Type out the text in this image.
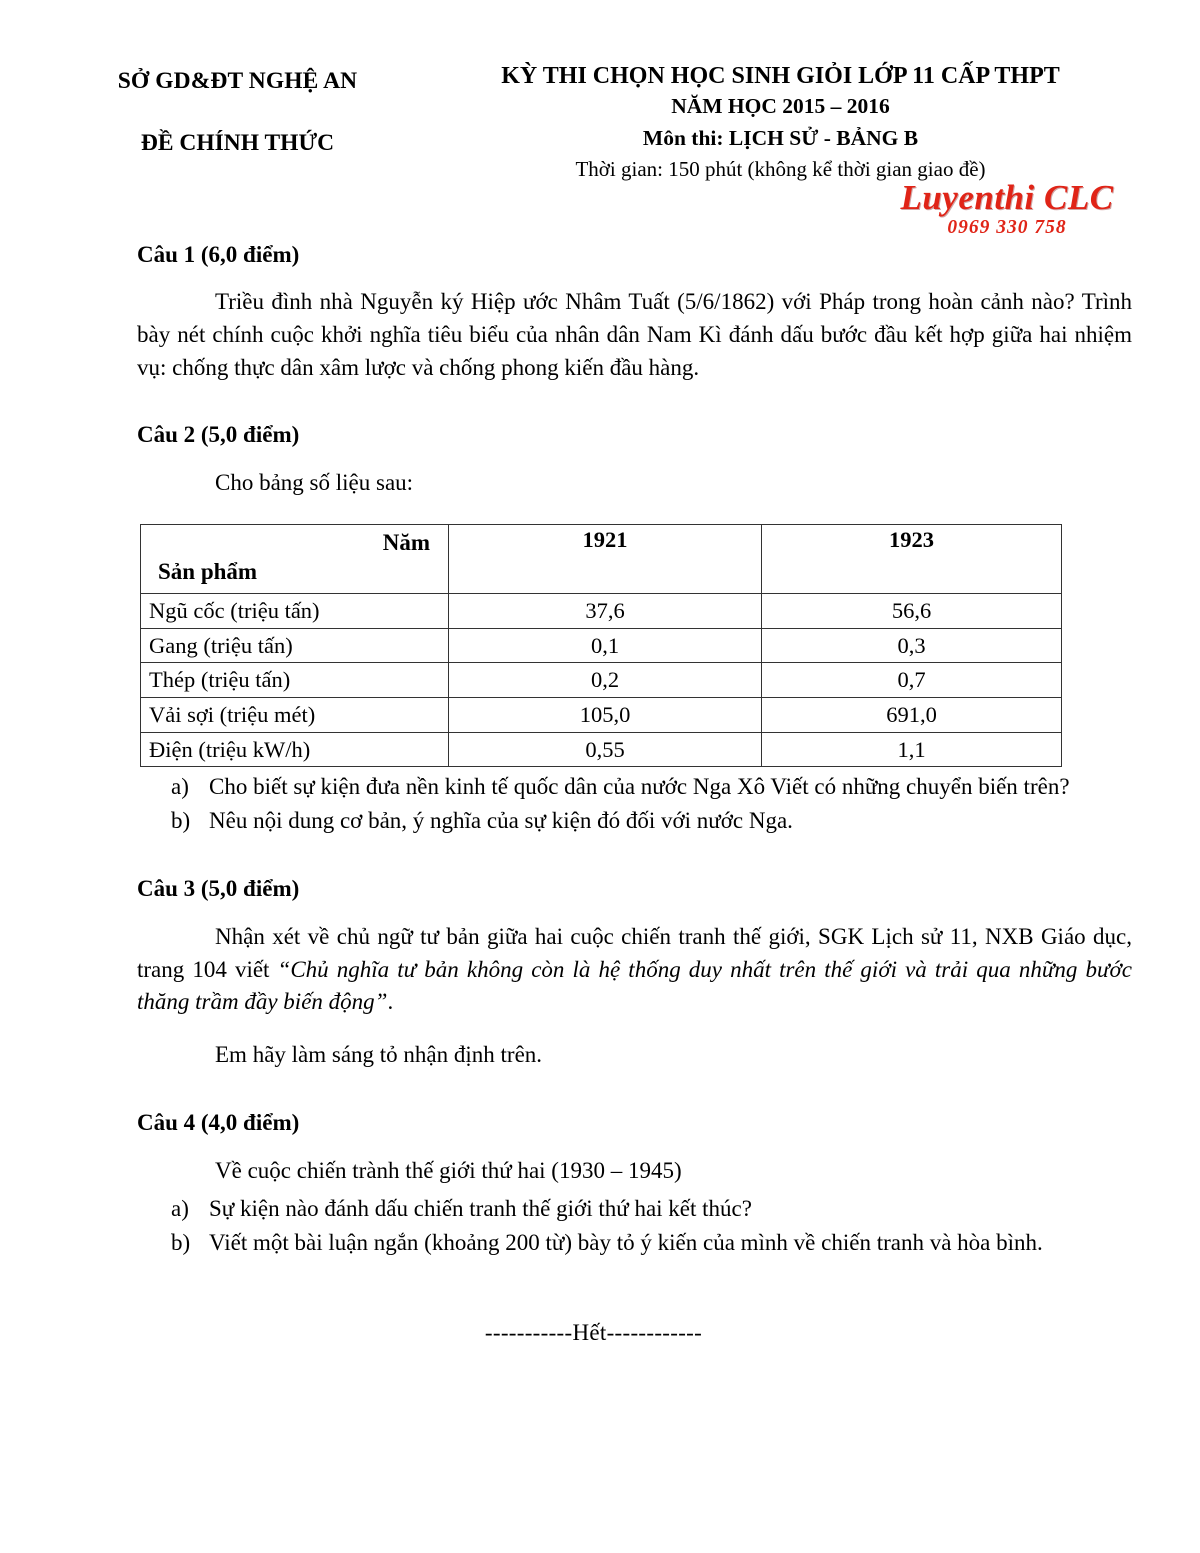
SỞ GD&ĐT NGHỆ AN
ĐỀ CHÍNH THỨC
KỲ THI CHỌN HỌC SINH GIỎI LỚP 11 CẤP THPT
NĂM HỌC 2015 – 2016
Môn thi: LỊCH SỬ - BẢNG B
Thời gian: 150 phút (không kể thời gian giao đề)

Luyenthi CLC
0969 330 758
Câu 1 (6,0 điểm)

Triều đình nhà Nguyễn ký Hiệp ước Nhâm Tuất (5/6/1862) với Pháp trong hoàn cảnh nào? Trình bày nét chính cuộc khởi nghĩa tiêu biểu của nhân dân Nam Kì đánh dấu bước đầu kết hợp giữa hai nhiệm vụ: chống thực dân xâm lược và chống phong kiến đầu hàng.

Câu 2 (5,0 điểm)

Cho bảng số liệu sau:

Năm
Sản phẩm	1921	1923
Ngũ cốc (triệu tấn)	37,6	56,6
Gang (triệu tấn)	0,1	0,3
Thép (triệu tấn)	0,2	0,7
Vải sợi (triệu mét)	105,0	691,0
Điện (triệu kW/h)	0,55	1,1
a) Cho biết sự kiện đưa nền kinh tế quốc dân của nước Nga Xô Viết có những chuyển biến trên?
b) Nêu nội dung cơ bản, ý nghĩa của sự kiện đó đối với nước Nga.
Câu 3 (5,0 điểm)

Nhận xét về chủ ngữ tư bản giữa hai cuộc chiến tranh thế giới, SGK Lịch sử 11, NXB Giáo dục, trang 104 viết “Chủ nghĩa tư bản không còn là hệ thống duy nhất trên thế giới và trải qua những bước thăng trầm đầy biến động”.

Em hãy làm sáng tỏ nhận định trên.

Câu 4 (4,0 điểm)

Về cuộc chiến trành thế giới thứ hai (1930 – 1945)

a) Sự kiện nào đánh dấu chiến tranh thế giới thứ hai kết thúc?
b) Viết một bài luận ngắn (khoảng 200 từ) bày tỏ ý kiến của mình về chiến tranh và hòa bình.
-----------Hết------------
